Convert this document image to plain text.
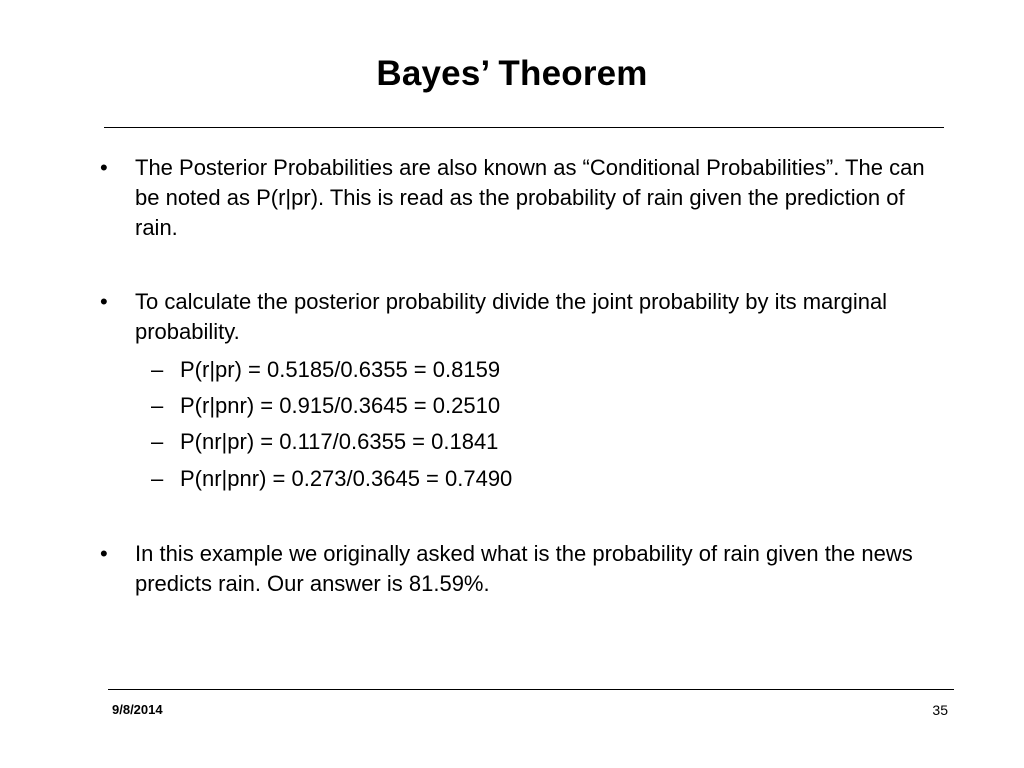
Bayes’ Theorem
• The Posterior Probabilities are also known as “Conditional Probabilities”. The can be noted as P(r|pr). This is read as the probability of rain given the prediction of rain.
• To calculate the posterior probability divide the joint probability by its marginal probability.
– P(r|pr) = 0.5185/0.6355 = 0.8159
– P(r|pnr) = 0.915/0.3645 = 0.2510
– P(nr|pr) = 0.117/0.6355 = 0.1841
– P(nr|pnr) = 0.273/0.3645 = 0.7490
• In this example we originally asked what is the probability of rain given the news predicts rain. Our answer is 81.59%.
9/8/2014	35
